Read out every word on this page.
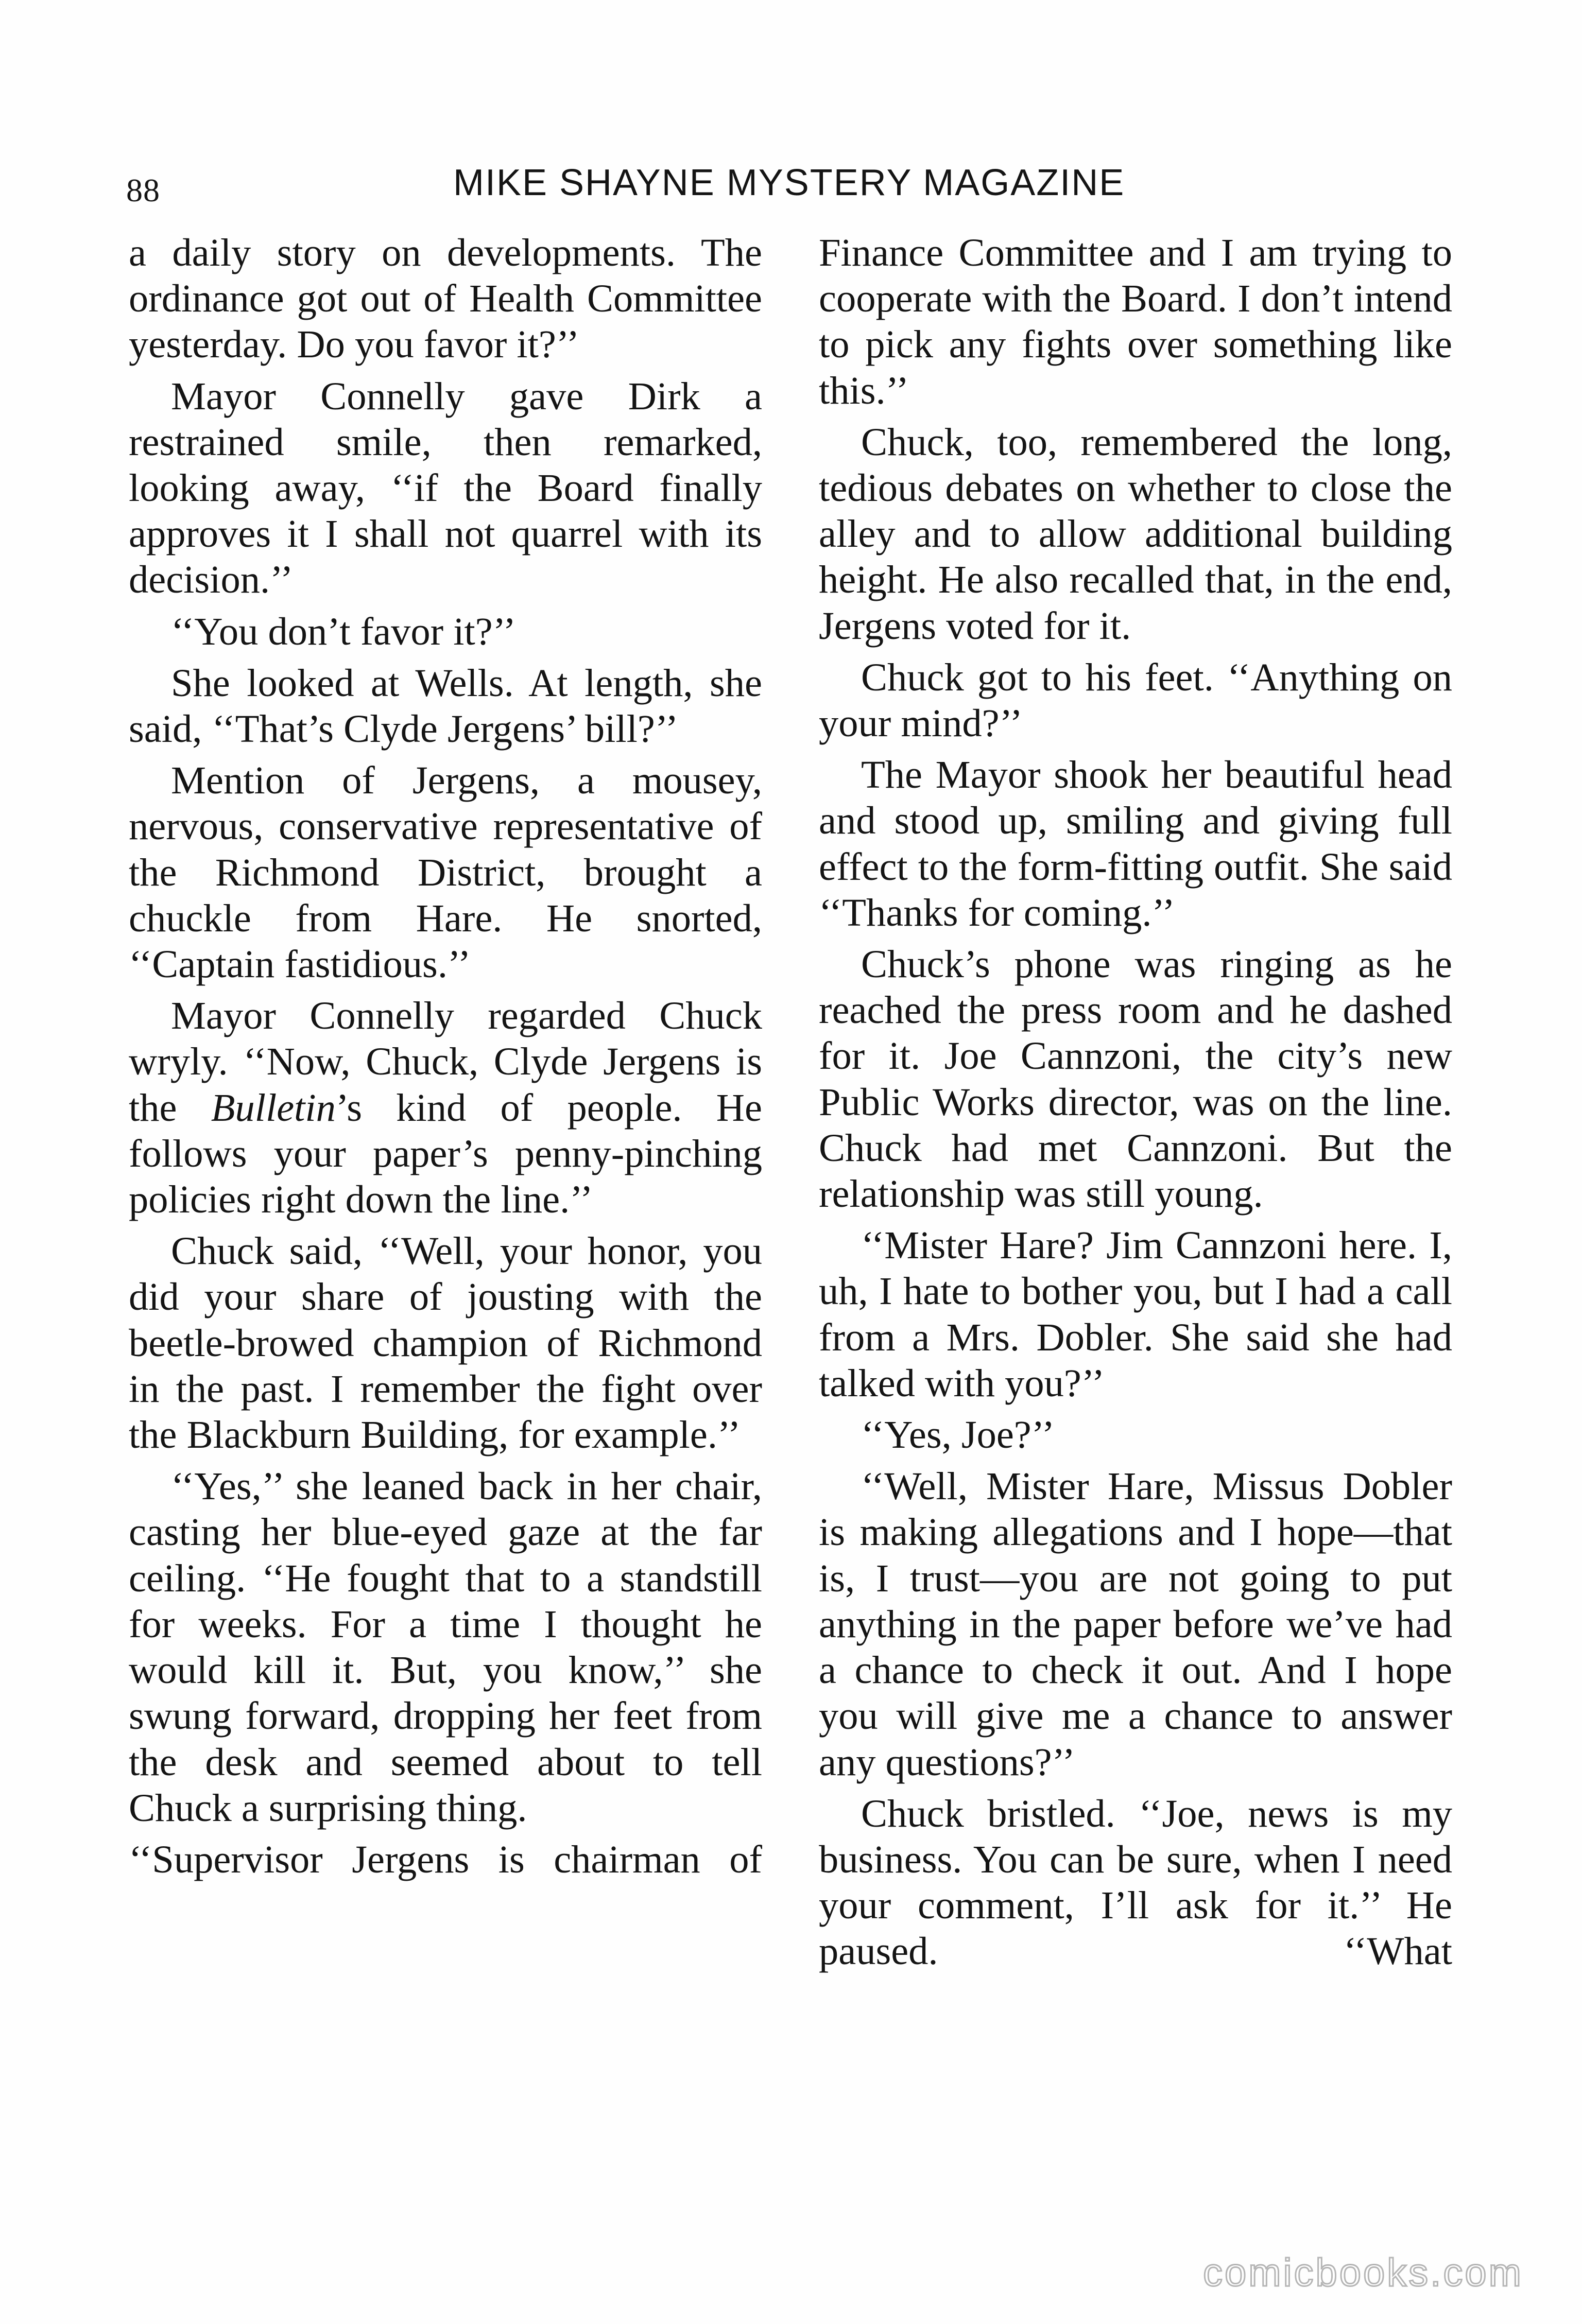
88	MIKE SHAYNE MYSTERY MAGAZINE

a daily story on developments. The ordinance got out of Health Committee yesterday. Do you favor it?’’

Mayor Connelly gave Dirk a restrained smile, then remarked, looking away, ‘‘if the Board finally approves it I shall not quarrel with its decision.’’

‘‘You don’t favor it?’’

She looked at Wells. At length, she said, ‘‘That’s Clyde Jergens’ bill?’’

Mention of Jergens, a mousey, nervous, conservative representative of the Richmond District, brought a chuckle from Hare. He snorted, ‘‘Captain fastidious.’’

Mayor Connelly regarded Chuck wryly. ‘‘Now, Chuck, Clyde Jergens is the Bulletin’s kind of people. He follows your paper’s penny-pinching policies right down the line.’’

Chuck said, ‘‘Well, your honor, you did your share of jousting with the beetle-browed champion of Richmond in the past. I remember the fight over the Blackburn Building, for example.’’

‘‘Yes,’’ she leaned back in her chair, casting her blue-eyed gaze at the far ceiling. ‘‘He fought that to a standstill for weeks. For a time I thought he would kill it. But, you know,’’ she swung forward, dropping her feet from the desk and seemed about to tell Chuck a surprising thing.

‘‘Supervisor Jergens is chairman of

Finance Committee and I am trying to cooperate with the Board. I don’t intend to pick any fights over something like this.’’

Chuck, too, remembered the long, tedious debates on whether to close the alley and to allow additional building height. He also recalled that, in the end, Jergens voted for it.

Chuck got to his feet. ‘‘Anything on your mind?’’

The Mayor shook her beautiful head and stood up, smiling and giving full effect to the form-fitting outfit. She said ‘‘Thanks for coming.’’

Chuck’s phone was ringing as he reached the press room and he dashed for it. Joe Cannzoni, the city’s new Public Works director, was on the line. Chuck had met Cannzoni. But the relationship was still young.

‘‘Mister Hare? Jim Cannzoni here. I, uh, I hate to bother you, but I had a call from a Mrs. Dobler. She said she had talked with you?’’

‘‘Yes, Joe?’’

‘‘Well, Mister Hare, Missus Dobler is making allegations and I hope—that is, I trust—you are not going to put anything in the paper before we’ve had a chance to check it out. And I hope you will give me a chance to answer any questions?’’

Chuck bristled. ‘‘Joe, news is my business. You can be sure, when I need your comment, I’ll ask for it.’’ He paused. ‘‘What

comicbooks.com
